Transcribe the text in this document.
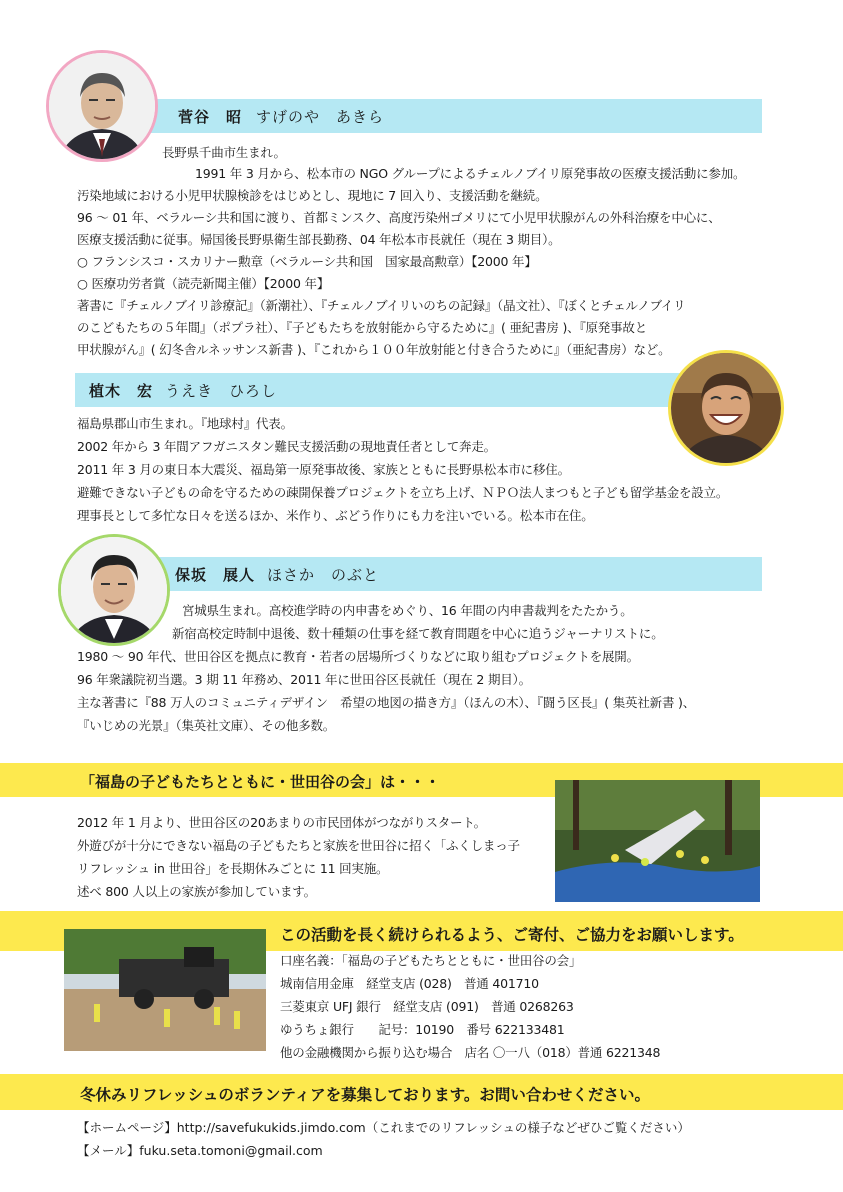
菅谷　昭 すげのや　あきら
長野県千曲市生まれ。
1991 年 3 月から、松本市の NGO グループによるチェルノブイリ原発事故の医療支援活動に参加。
汚染地域における小児甲状腺検診をはじめとし、現地に 7 回入り、支援活動を継続。
96 ～ 01 年、ベラルーシ共和国に渡り、首都ミンスク、高度汚染州ゴメリにて小児甲状腺がんの外科治療を中心に、
医療支援活動に従事。帰国後長野県衛生部長勤務、04 年松本市長就任（現在 3 期目）。
○ フランシスコ・スカリナー勲章（ベラルーシ共和国　国家最高勲章）【2000 年】
○ 医療功労者賞（読売新聞主催）【2000 年】
著書に『チェルノブイリ診療記』（新潮社）、『チェルノブイリいのちの記録』（晶文社）、『ぼくとチェルノブイリ
のこどもたちの５年間』（ポプラ社）、『子どもたちを放射能から守るために』( 亜紀書房 )、『原発事故と
甲状腺がん』( 幻冬舎ルネッサンス新書 )、『これから１００年放射能と付き合うために』（亜紀書房）など。
植木　宏 うえき　ひろし
福島県郡山市生まれ。『地球村』代表。
2002 年から 3 年間アフガニスタン難民支援活動の現地責任者として奔走。
2011 年 3 月の東日本大震災、福島第一原発事故後、家族とともに長野県松本市に移住。
避難できない子どもの命を守るための疎開保養プロジェクトを立ち上げ、ＮＰＯ法人まつもと子ども留学基金を設立。
理事長として多忙な日々を送るほか、米作り、ぶどう作りにも力を注いでいる。松本市在住。
保坂　展人 ほさか　のぶと
宮城県生まれ。高校進学時の内申書をめぐり、16 年間の内申書裁判をたたかう。
新宿高校定時制中退後、数十種類の仕事を経て教育問題を中心に追うジャーナリストに。
1980 ～ 90 年代、世田谷区を拠点に教育・若者の居場所づくりなどに取り組むプロジェクトを展開。
96 年衆議院初当選。3 期 11 年務め、2011 年に世田谷区長就任（現在 2 期目）。
主な著書に『88 万人のコミュニティデザイン　希望の地図の描き方』（ほんの木）、『闘う区長』( 集英社新書 )、
『いじめの光景』（集英社文庫）、その他多数。
「福島の子どもたちとともに・世田谷の会」は・・・
2012 年 1 月より、世田谷区の20あまりの市民団体がつながりスタート。
外遊びが十分にできない福島の子どもたちと家族を世田谷に招く「ふくしまっ子
リフレッシュ in 世田谷」を長期休みごとに 11 回実施。
述べ 800 人以上の家族が参加しています。
この活動を長く続けられるよう、ご寄付、ご協力をお願いします。
口座名義：「福島の子どもたちとともに・世田谷の会」
城南信用金庫　経堂支店 (028)　普通 401710
三菱東京 UFJ 銀行　経堂支店 (091)　普通 0268263
ゆうちょ銀行　　記号：10190　番号 622133481
他の金融機関から振り込む場合　店名 〇一八（018）普通 6221348
冬休みリフレッシュのボランティアを募集しております。お問い合わせください。
【ホームページ】http://savefukukids.jimdo.com（これまでのリフレッシュの様子などぜひご覧ください）
【メール】fuku.seta.tomoni@gmail.com
